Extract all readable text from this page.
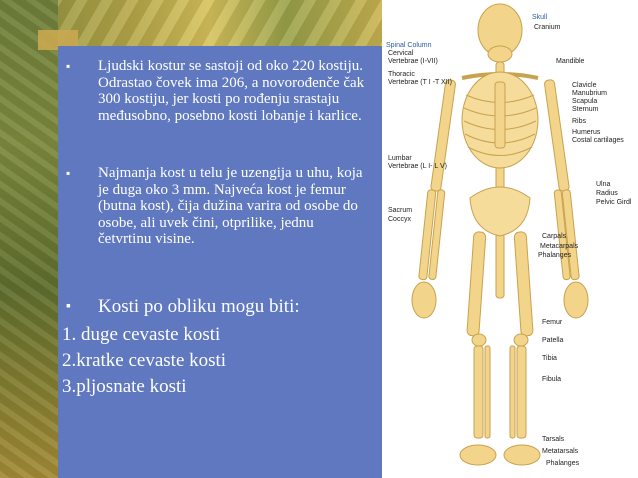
▪	Ljudski kostur se sastoji od oko 220 kostiju. Odrastao čovek ima 206, a novorođenče čak 300 kostiju, jer kosti po rođenju srastaju međusobno, posebno kosti lobanje i karlice.
▪	Najmanja kost u telu je uzengija u uhu, koja je duga oko 3 mm. Najveća kost je femur (butna kost), čija dužina varira od osobe do osobe, ali uvek čini, otprilike, jednu četvrtinu visine.
▪	Kosti po obliku mogu biti:
1. duge cevaste kosti
2.kratke cevaste kosti
3.pljosnate kosti
Skull
Cranium
Mandible
Clavicle
Manubrium
Scapula
Sternum
Ribs
Humerus
Costal cartilages
Ulna
Radius
Pelvic Girdl
Carpals
Metacarpals
Phalanges
Femur
Patella
Tibia
Fibula
Tarsals
Metatarsals
Phalanges
Spinal Column
Cervical
Vertebrae (I-VII)
Thoracic
Vertebrae (T I -T XII)
Lumbar
Vertebrae (L I- L V)
Sacrum
Coccyx
